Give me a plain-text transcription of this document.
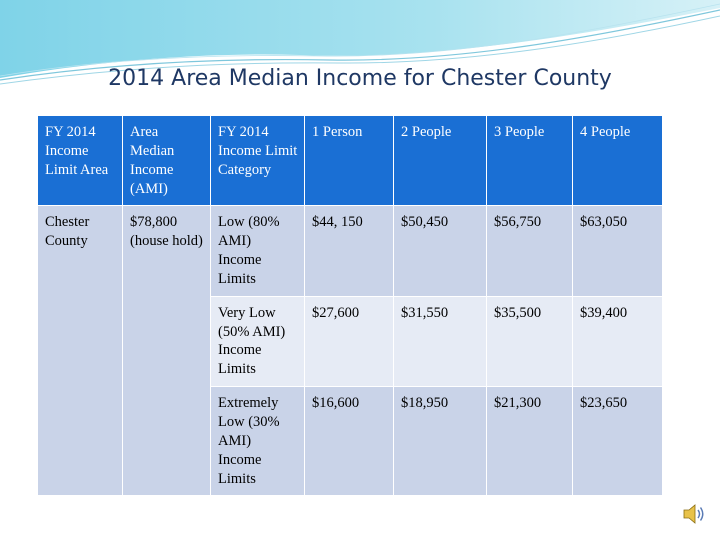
2014 Area Median Income for Chester County
FY 2014 Income Limit Area	Area Median Income (AMI)	FY 2014 Income Limit Category	1 Person	2 People	3 People	4 People
Chester County	$78,800 (house hold)	Low (80% AMI) Income Limits	$44, 150	$50,450	$56,750	$63,050
		Very Low (50% AMI) Income Limits	$27,600	$31,550	$35,500	$39,400
		Extremely Low (30% AMI) Income Limits	$16,600	$18,950	$21,300	$23,650
